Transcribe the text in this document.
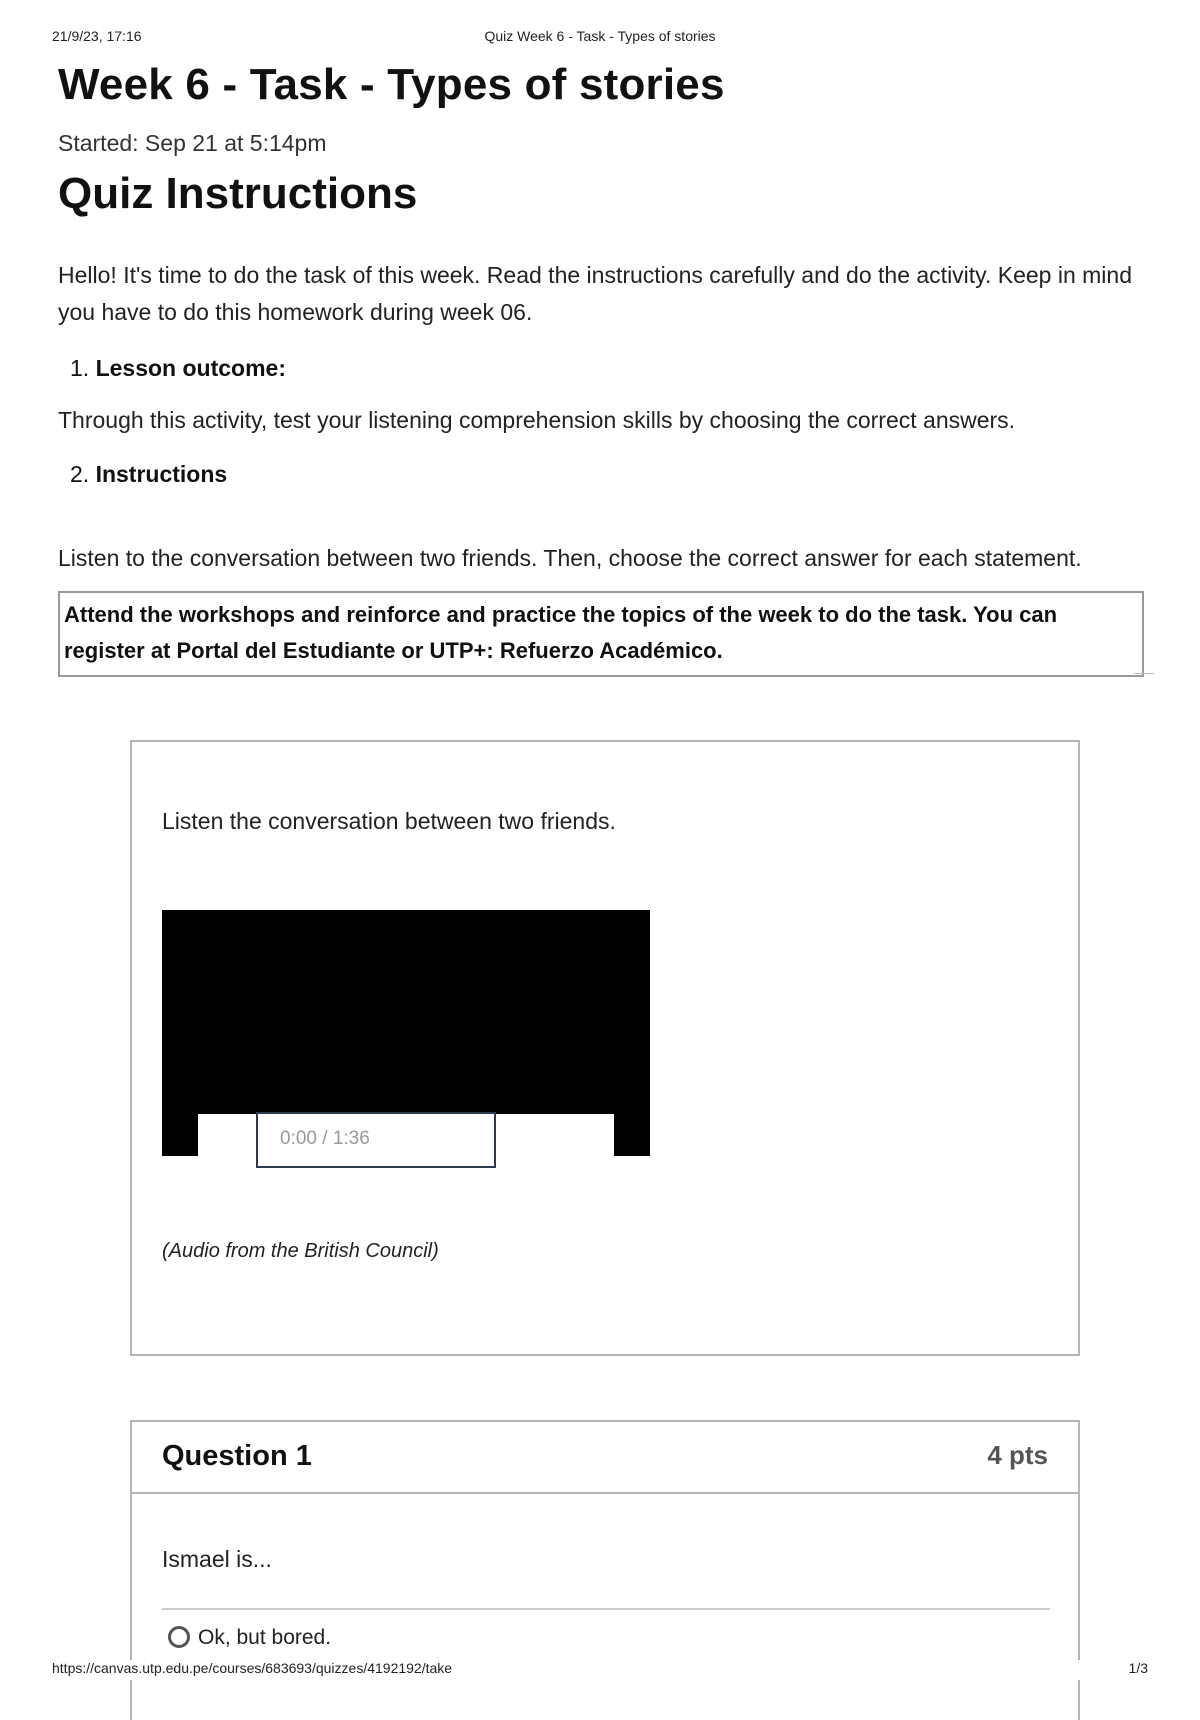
21/9/23, 17:16	Quiz Week 6 - Task - Types of stories
Week 6 - Task - Types of stories
Started: Sep 21 at 5:14pm
Quiz Instructions

Hello! It's time to do the task of this week. Read the instructions carefully and do the activity. Keep in mind you have to do this homework during week 06.

1. Lesson outcome:

Through this activity, test your listening comprehension skills by choosing the correct answers.

2. Instructions

Listen to the conversation between two friends. Then, choose the correct answer for each statement.

Attend the workshops and reinforce and practice the topics of the week to do the task. You can register at Portal del Estudiante or UTP+: Refuerzo Académico.
Listen the conversation between two friends.
0:00 / 1:36
(Audio from the British Council)
Question 1	4 pts
Ismael is...
Ok, but bored.
https://canvas.utp.edu.pe/courses/683693/quizzes/4192192/take	1/3
